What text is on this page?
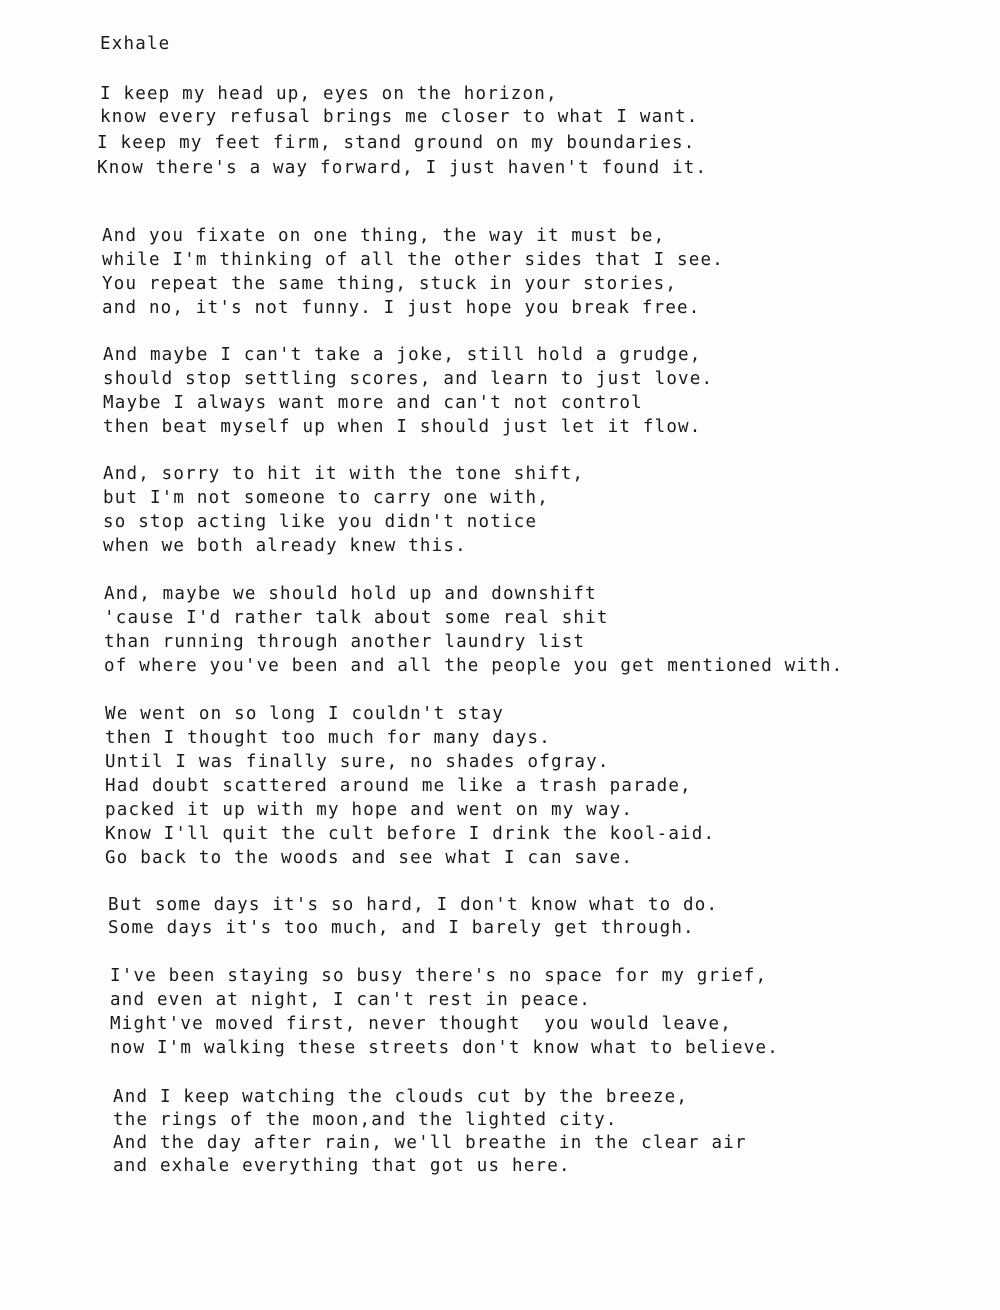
Exhale
I keep my head up, eyes on the horizon,
know every refusal brings me closer to what I want.
I keep my feet firm, stand ground on my boundaries.
Know there's a way forward, I just haven't found it.
And you fixate on one thing, the way it must be,
while I'm thinking of all the other sides that I see.
You repeat the same thing, stuck in your stories,
and no, it's not funny. I just hope you break free.
And maybe I can't take a joke, still hold a grudge,
should stop settling scores, and learn to just love.
Maybe I always want more and can't not control
then beat myself up when I should just let it flow.
And, sorry to hit it with the tone shift,
but I'm not someone to carry one with,
so stop acting like you didn't notice
when we both already knew this.
And, maybe we should hold up and downshift
'cause I'd rather talk about some real shit
than running through another laundry list
of where you've been and all the people you get mentioned with.
We went on so long I couldn't stay
then I thought too much for many days.
Until I was finally sure, no shades ofgray.
Had doubt scattered around me like a trash parade,
packed it up with my hope and went on my way.
Know I'll quit the cult before I drink the kool-aid.
Go back to the woods and see what I can save.
But some days it's so hard, I don't know what to do.
Some days it's too much, and I barely get through.
I've been staying so busy there's no space for my grief,
and even at night, I can't rest in peace.
Might've moved first, never thought  you would leave,
now I'm walking these streets don't know what to believe.
And I keep watching the clouds cut by the breeze,
the rings of the moon,and the lighted city.
And the day after rain, we'll breathe in the clear air
and exhale everything that got us here.
